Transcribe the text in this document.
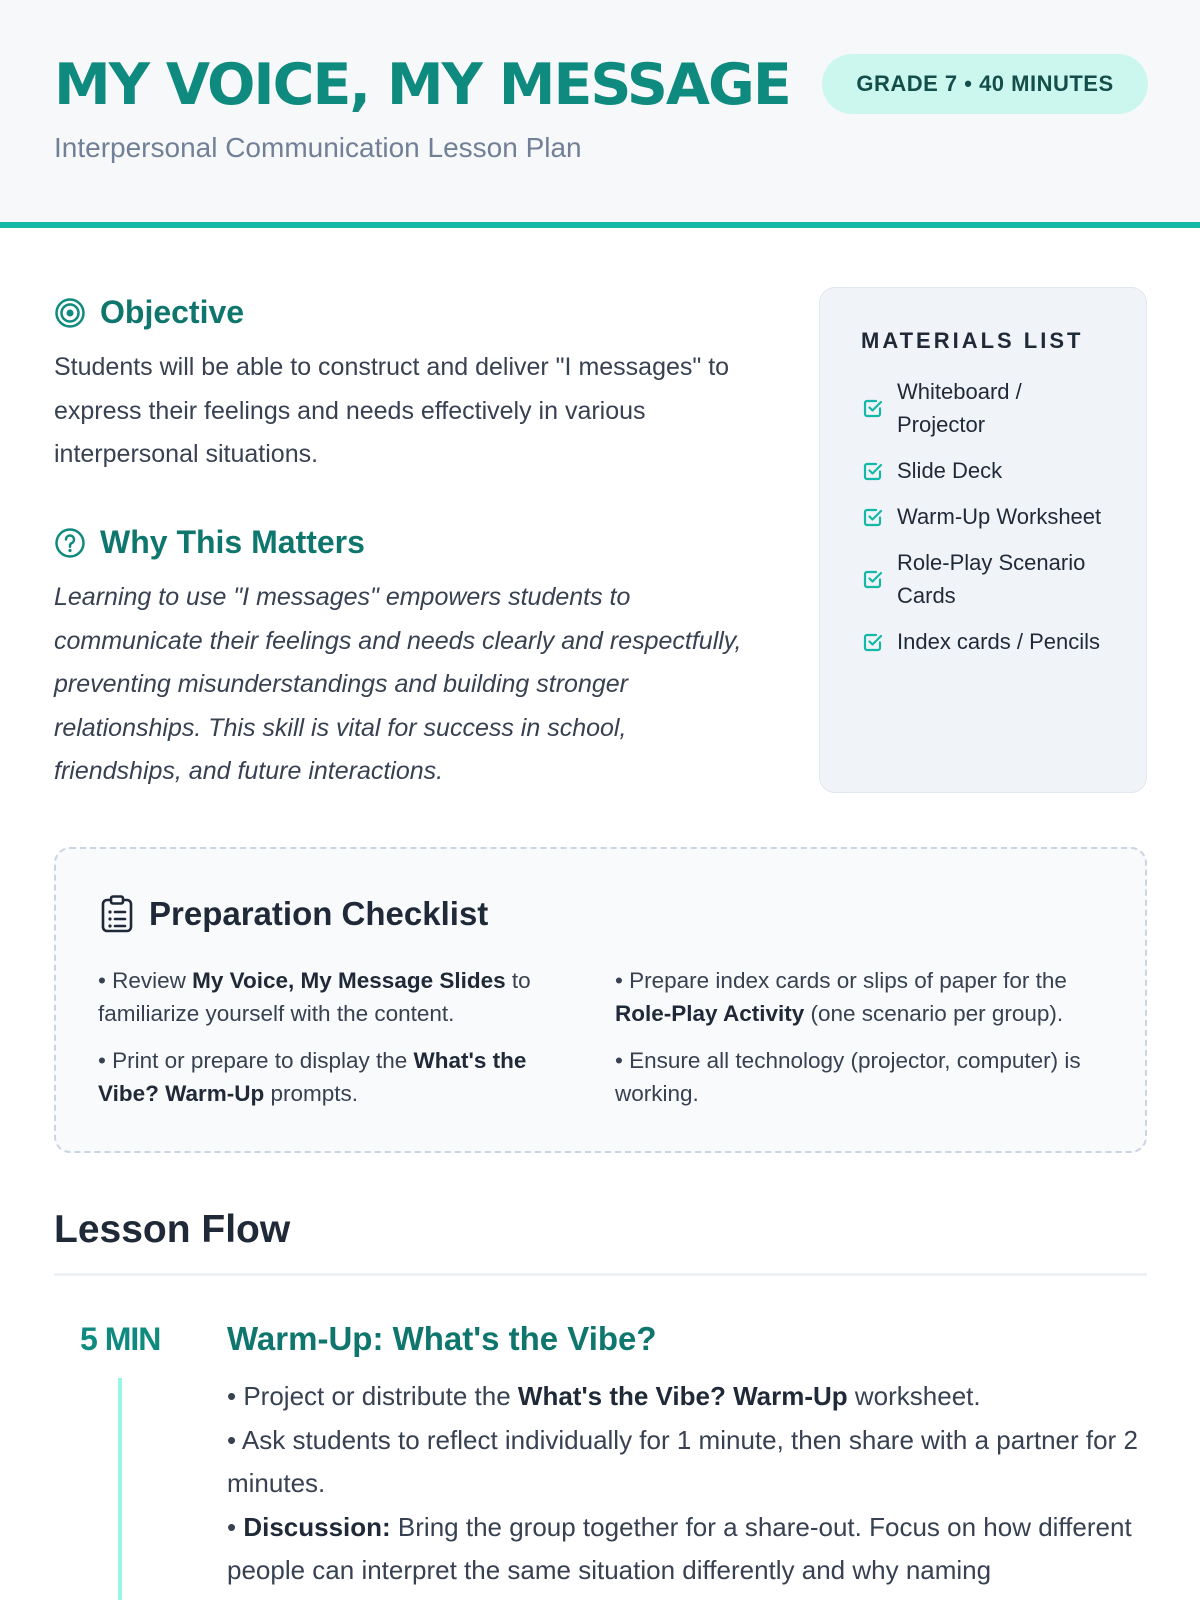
MY VOICE, MY MESSAGE	GRADE 7 • 40 MINUTES
Interpersonal Communication Lesson Plan
Objective

Students will be able to construct and deliver "I messages" to express their feelings and needs effectively in various interpersonal situations.

Why This Matters

Learning to use "I messages" empowers students to communicate their feelings and needs clearly and respectfully, preventing misunderstandings and building stronger relationships. This skill is vital for success in school, friendships, and future interactions.

MATERIALS LIST
Whiteboard / Projector
Slide Deck
Warm-Up Worksheet
Role-Play Scenario Cards
Index cards / Pencils
Preparation Checklist

• Review My Voice, My Message Slides to familiarize yourself with the content.

• Print or prepare to display the What's the Vibe? Warm-Up prompts.

• Prepare index cards or slips of paper for the Role-Play Activity (one scenario per group).

• Ensure all technology (projector, computer) is working.

Lesson Flow
5 MIN Warm-Up: What's the Vibe?

• Project or distribute the What's the Vibe? Warm-Up worksheet.

• Ask students to reflect individually for 1 minute, then share with a partner for 2 minutes.

• Discussion: Bring the group together for a share-out. Focus on how different people can interpret the same situation differently and why naming
